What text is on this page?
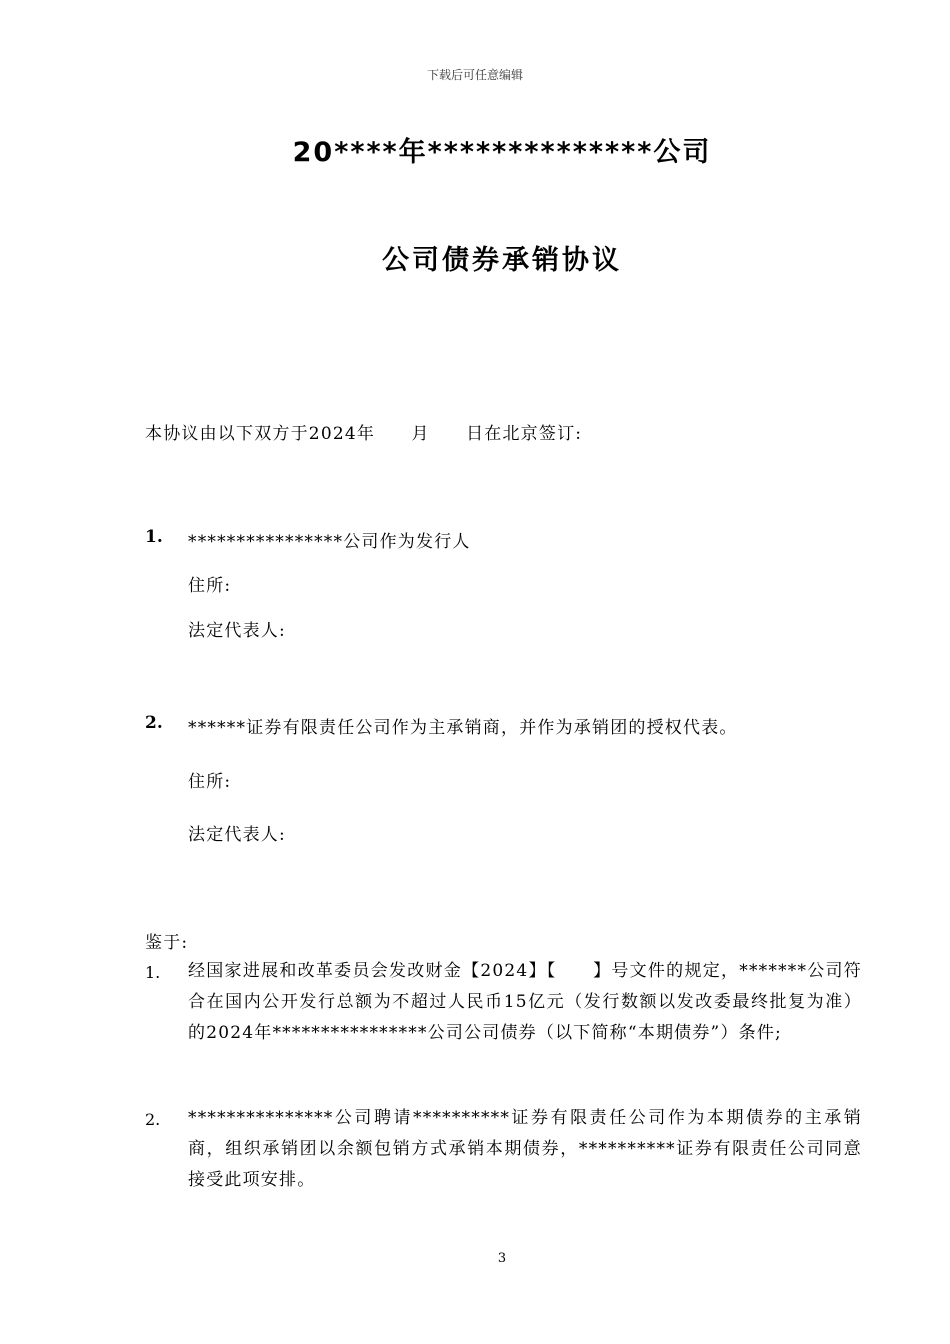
下载后可任意编辑
20****年**************公司
公司债券承销协议
本协议由以下双方于2024年　　月　　日在北京签订:
1. ****************公司作为发行人
住所:
法定代表人:
2. ******证券有限责任公司作为主承销商，并作为承销团的授权代表。
住所:
法定代表人:
鉴于:
1. 经国家进展和改革委员会发改财金【2024】【　　】号文件的规定，*******公司符合在国内公开发行总额为不超过人民币15亿元（发行数额以发改委最终批复为准）的2024年****************公司公司债券（以下简称“本期债券”）条件;
2. ***************公司聘请**********证券有限责任公司作为本期债券的主承销商，组织承销团以余额包销方式承销本期债券，**********证券有限责任公司同意接受此项安排。
3
